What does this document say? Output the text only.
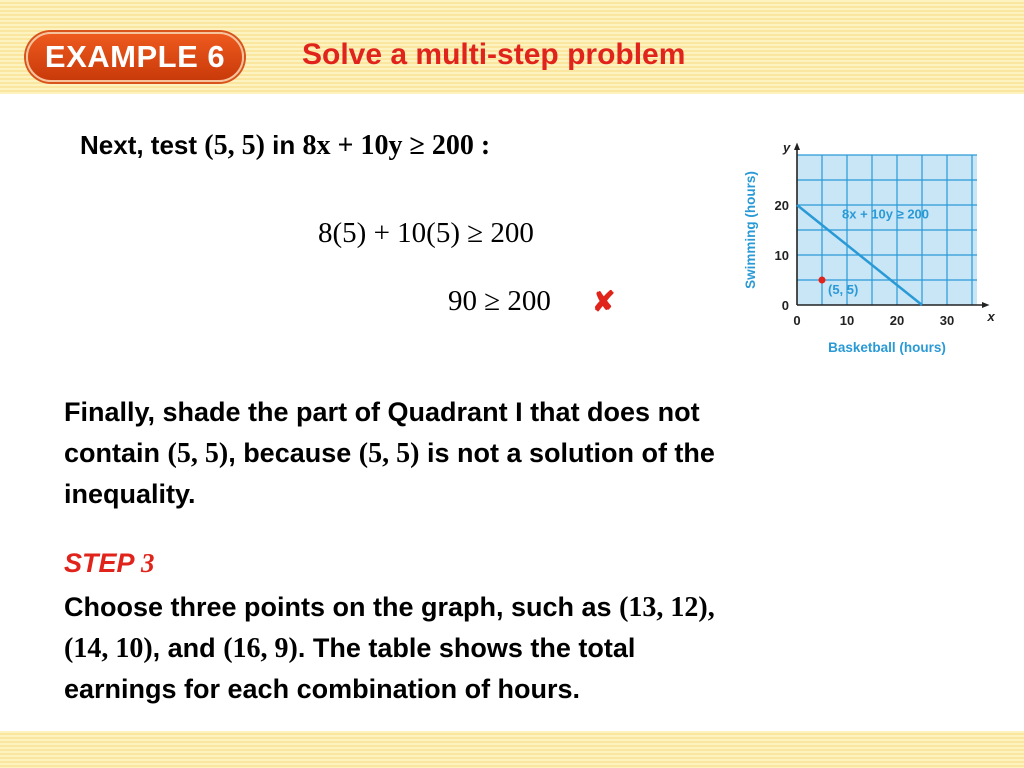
EXAMPLE 6	Solve a multi-step problem
Next, test (5, 5) in 8x + 10y ≥ 200 :
8(5) + 10(5) ≥ 200
90 ≥ 200 ✘
Finally, shade the part of Quadrant I that does not
contain (5, 5), because (5, 5) is not a solution of the
inequality.
STEP 3
Choose three points on the graph, such as (13, 12),
(14, 10), and (16, 9). The table shows the total
earnings for each combination of hours.
8x + 10y ≥ 200
(5, 5)
0	10	20	30
0
10
20
x
y
Basketball (hours)
Swimming (hours)
